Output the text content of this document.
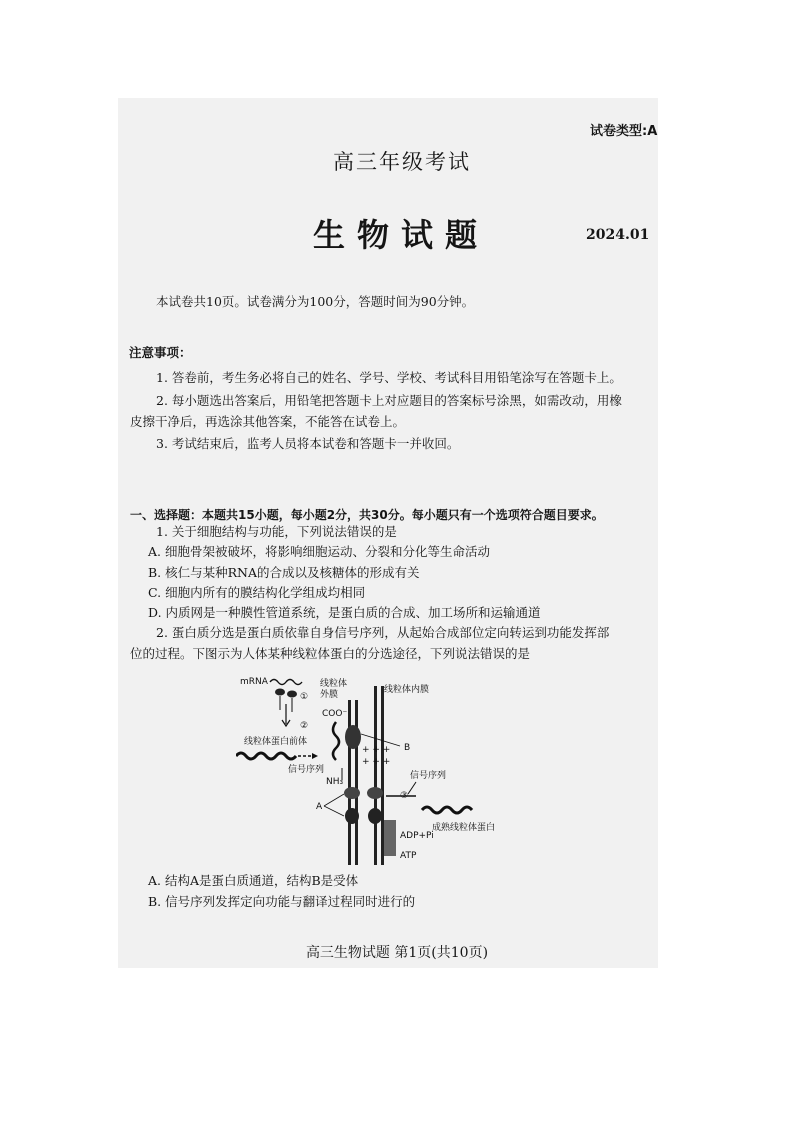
试卷类型:A
高三年级考试
生物试题	2024.01
本试卷共10页。试卷满分为100分，答题时间为90分钟。
注意事项：
1. 答卷前，考生务必将自己的姓名、学号、学校、考试科目用铅笔涂写在答题卡上。
2. 每小题选出答案后，用铅笔把答题卡上对应题目的答案标号涂黑，如需改动，用橡
皮擦干净后，再选涂其他答案，不能答在试卷上。
3. 考试结束后，监考人员将本试卷和答题卡一并收回。
一、选择题：本题共15小题，每小题2分，共30分。每小题只有一个选项符合题目要求。
1. 关于细胞结构与功能，下列说法错误的是
A. 细胞骨架被破坏，将影响细胞运动、分裂和分化等生命活动
B. 核仁与某种RNA的合成以及核糖体的形成有关
C. 细胞内所有的膜结构化学组成均相同
D. 内质网是一种膜性管道系统，是蛋白质的合成、加工场所和运输通道
2. 蛋白质分选是蛋白质依靠自身信号序列，从起始合成部位定向转运到功能发挥部
位的过程。下图示为人体某种线粒体蛋白的分选途径，下列说法错误的是
mRNA
①
②
线粒体蛋白前体
信号序列
线粒体
外膜	线粒体内膜
+ + +
+ + +
COO⁻
B
NH₃
A
③
信号序列
成熟线粒体蛋白
ADP+Pi
ATP
A. 结构A是蛋白质通道，结构B是受体
B. 信号序列发挥定向功能与翻译过程同时进行的
高三生物试题 第1页(共10页)
